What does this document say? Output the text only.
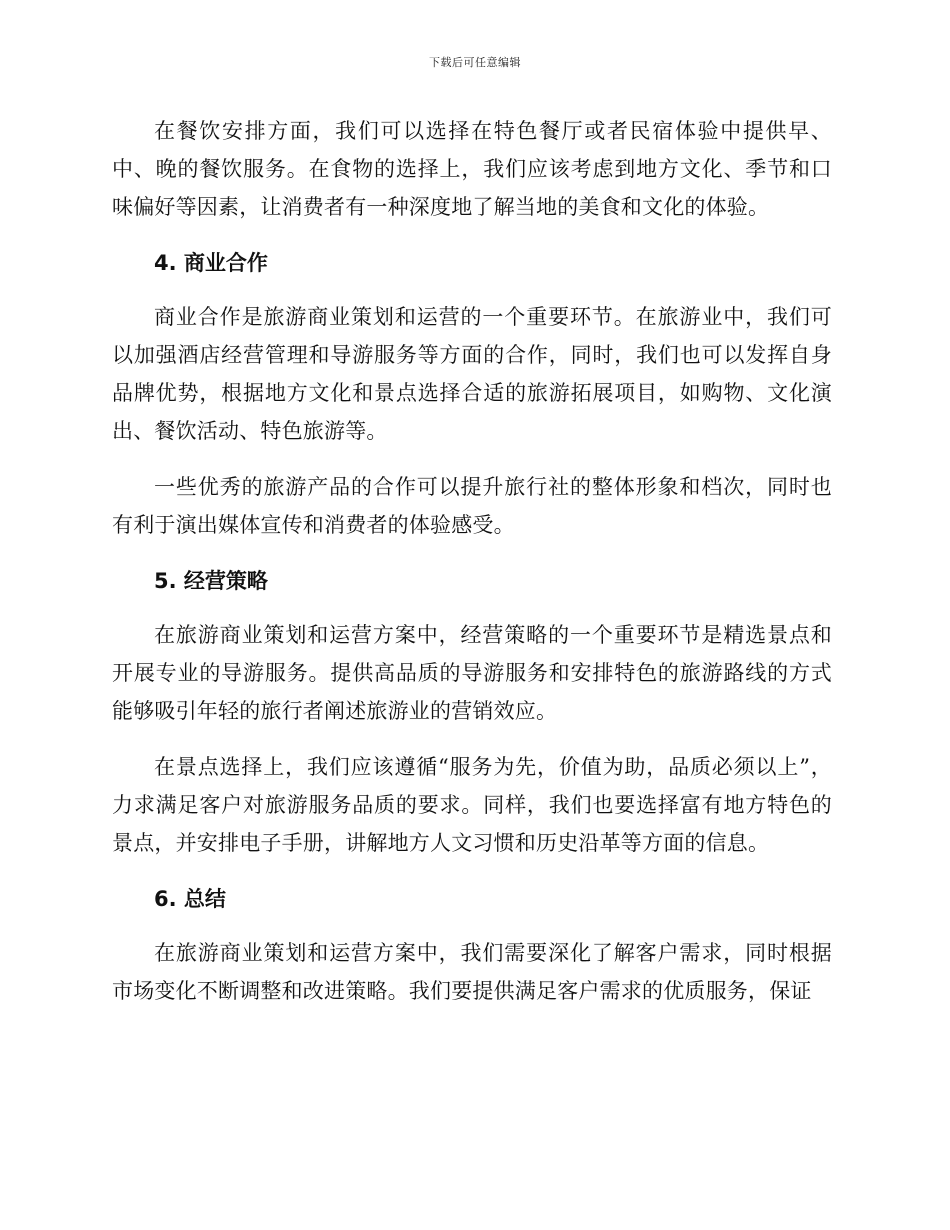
下载后可任意编辑

在餐饮安排方面，我们可以选择在特色餐厅或者民宿体验中提供早、中、晚的餐饮服务。在食物的选择上，我们应该考虑到地方文化、季节和口味偏好等因素，让消费者有一种深度地了解当地的美食和文化的体验。

4. 商业合作

商业合作是旅游商业策划和运营的一个重要环节。在旅游业中，我们可以加强酒店经营管理和导游服务等方面的合作，同时，我们也可以发挥自身品牌优势，根据地方文化和景点选择合适的旅游拓展项目，如购物、文化演出、餐饮活动、特色旅游等。

一些优秀的旅游产品的合作可以提升旅行社的整体形象和档次，同时也有利于演出媒体宣传和消费者的体验感受。

5. 经营策略

在旅游商业策划和运营方案中，经营策略的一个重要环节是精选景点和开展专业的导游服务。提供高品质的导游服务和安排特色的旅游路线的方式能够吸引年轻的旅行者阐述旅游业的营销效应。

在景点选择上，我们应该遵循“服务为先，价值为助，品质必须以上”，力求满足客户对旅游服务品质的要求。同样，我们也要选择富有地方特色的景点，并安排电子手册，讲解地方人文习惯和历史沿革等方面的信息。

6. 总结

在旅游商业策划和运营方案中，我们需要深化了解客户需求，同时根据市场变化不断调整和改进策略。我们要提供满足客户需求的优质服务，保证
